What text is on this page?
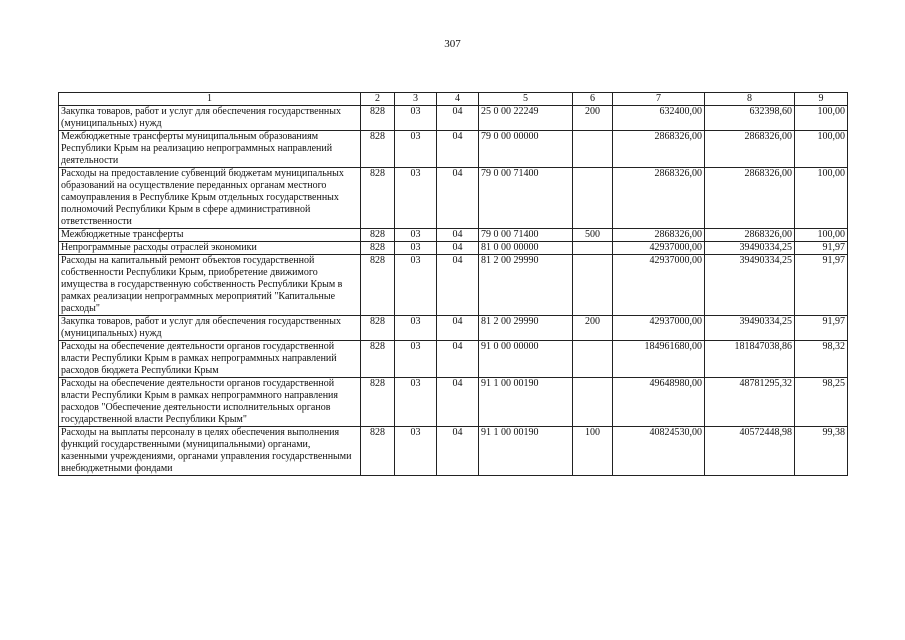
307
1	2	3	4	5	6	7	8	9
Закупка товаров, работ и услуг для обеспечения государственных (муниципальных) нужд	828	03	04	25 0 00 22249	200	632400,00	632398,60	100,00
Межбюджетные трансферты муниципальным образованиям Республики Крым на реализацию непрограммных направлений деятельности	828	03	04	79 0 00 00000		2868326,00	2868326,00	100,00
Расходы на предоставление субвенций бюджетам муниципальных образований на осуществление переданных органам местного самоуправления в Республике Крым отдельных государственных полномочий Республики Крым в сфере административной ответственности	828	03	04	79 0 00 71400		2868326,00	2868326,00	100,00
Межбюджетные трансферты	828	03	04	79 0 00 71400	500	2868326,00	2868326,00	100,00
Непрограммные расходы отраслей экономики	828	03	04	81 0 00 00000		42937000,00	39490334,25	91,97
Расходы на капитальный ремонт объектов государственной собственности Республики Крым, приобретение движимого имущества в государственную собственность Республики Крым в рамках реализации непрограммных мероприятий "Капитальные расходы"	828	03	04	81 2 00 29990		42937000,00	39490334,25	91,97
Закупка товаров, работ и услуг для обеспечения государственных (муниципальных) нужд	828	03	04	81 2 00 29990	200	42937000,00	39490334,25	91,97
Расходы на обеспечение деятельности органов государственной власти Республики Крым в рамках непрограммных направлений расходов бюджета Республики Крым	828	03	04	91 0 00 00000		184961680,00	181847038,86	98,32
Расходы на обеспечение деятельности органов государственной власти Республики Крым в рамках непрограммного направления расходов "Обеспечение деятельности исполнительных органов государственной власти Республики Крым"	828	03	04	91 1 00 00190		49648980,00	48781295,32	98,25
Расходы на выплаты персоналу в целях обеспечения выполнения функций государственными (муниципальными) органами, казенными учреждениями, органами управления государственными внебюджетными фондами	828	03	04	91 1 00 00190	100	40824530,00	40572448,98	99,38
